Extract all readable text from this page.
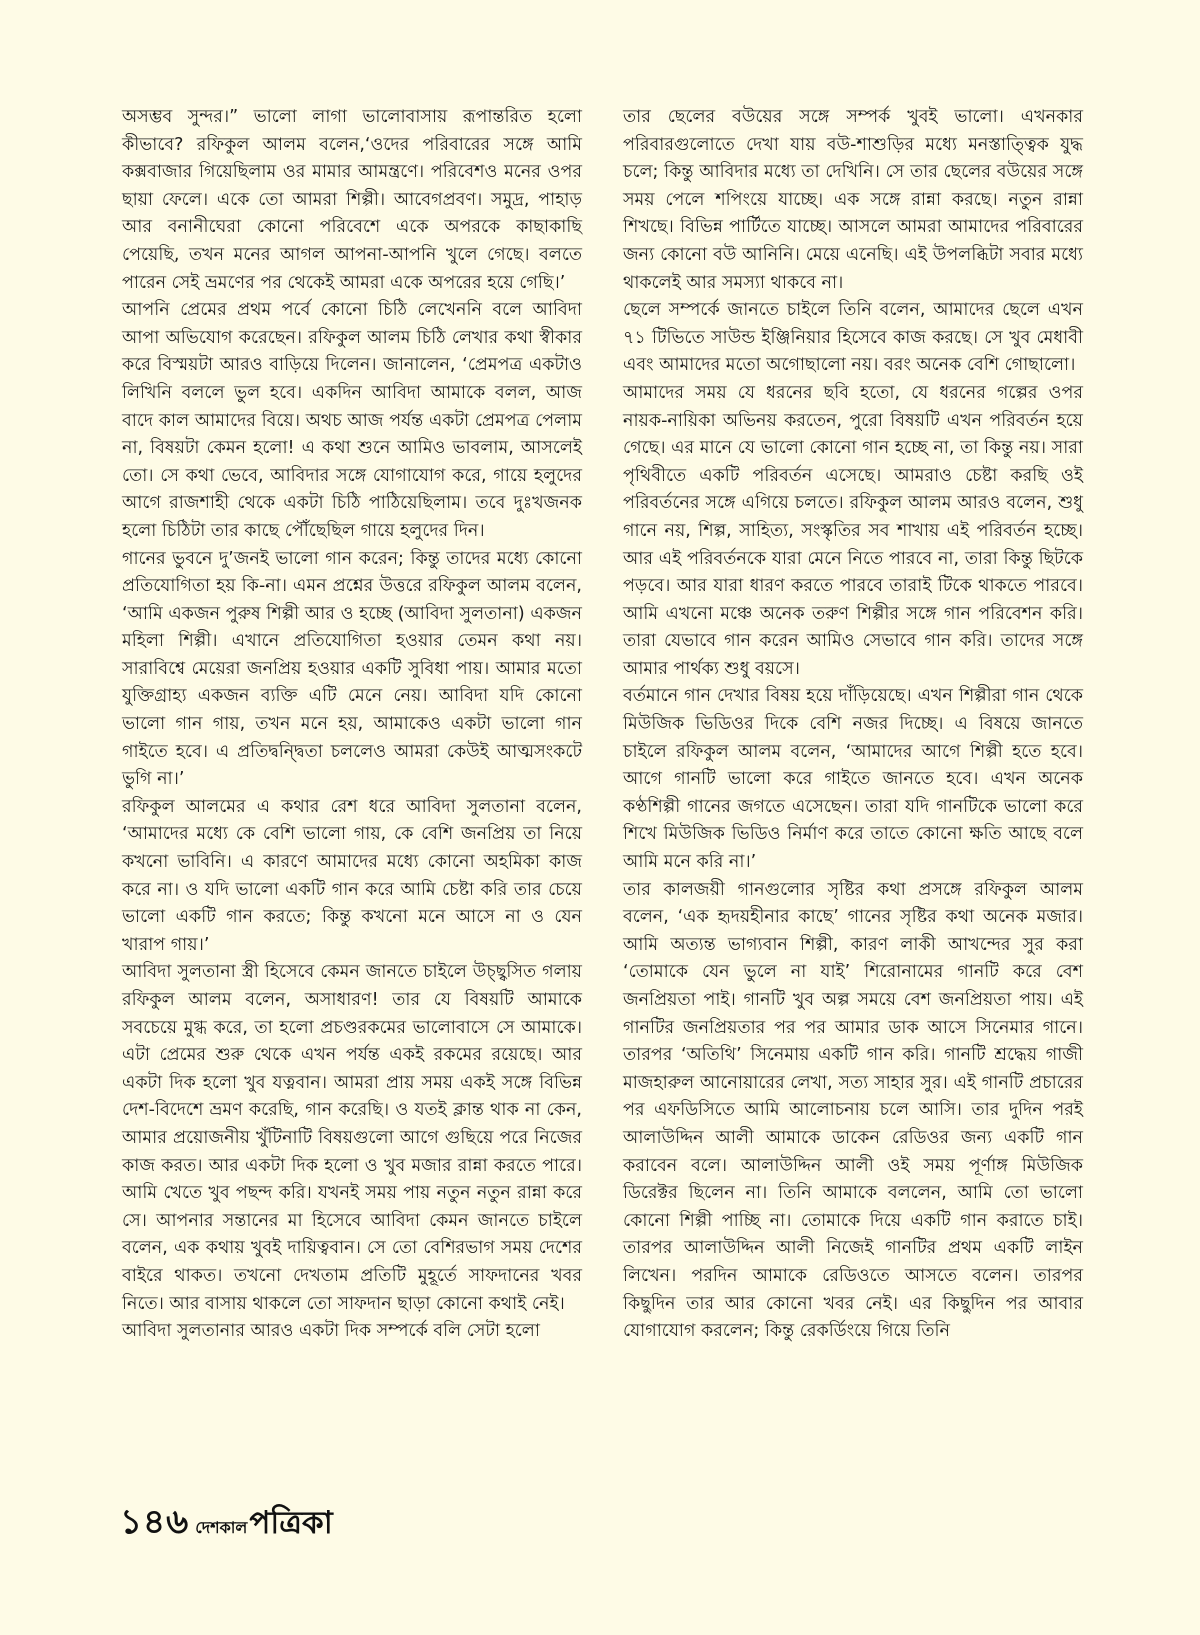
অসম্ভব সুন্দর।” ভালো লাগা ভালোবাসায় রূপান্তরিত হলো কীভাবে? রফিকুল আলম বলেন,‘ওদের পরিবারের সঙ্গে আমি কক্সবাজার গিয়েছিলাম ওর মামার আমন্ত্রণে। পরিবেশও মনের ওপর ছায়া ফেলে। একে তো আমরা শিল্পী। আবেগপ্রবণ। সমুদ্র, পাহাড় আর বনানীঘেরা কোনো পরিবেশে একে অপরকে কাছাকাছি পেয়েছি, তখন মনের আগল আপনা-আপনি খুলে গেছে। বলতে পারেন সেই ভ্রমণের পর থেকেই আমরা একে অপরের হয়ে গেছি।’

আপনি প্রেমের প্রথম পর্বে কোনো চিঠি লেখেননি বলে আবিদা আপা অভিযোগ করেছেন। রফিকুল আলম চিঠি লেখার কথা স্বীকার করে বিস্ময়টা আরও বাড়িয়ে দিলেন। জানালেন, ‘প্রেমপত্র একটাও লিখিনি বললে ভুল হবে। একদিন আবিদা আমাকে বলল, আজ বাদে কাল আমাদের বিয়ে। অথচ আজ পর্যন্ত একটা প্রেমপত্র পেলাম না, বিষয়টা কেমন হলো! এ কথা শুনে আমিও ভাবলাম, আসলেই তো। সে কথা ভেবে, আবিদার সঙ্গে যোগাযোগ করে, গায়ে হলুদের আগে রাজশাহী থেকে একটা চিঠি পাঠিয়েছিলাম। তবে দুঃখজনক হলো চিঠিটা তার কাছে পৌঁছেছিল গায়ে হলুদের দিন।

গানের ভুবনে দু’জনই ভালো গান করেন; কিন্তু তাদের মধ্যে কোনো প্রতিযোগিতা হয় কি-না। এমন প্রশ্নের উত্তরে রফিকুল আলম বলেন, ‘আমি একজন পুরুষ শিল্পী আর ও হচ্ছে (আবিদা সুলতানা) একজন মহিলা শিল্পী। এখানে প্রতিযোগিতা হওয়ার তেমন কথা নয়। সারাবিশ্বে মেয়েরা জনপ্রিয় হওয়ার একটি সুবিধা পায়। আমার মতো যুক্তিগ্রাহ্য একজন ব্যক্তি এটি মেনে নেয়। আবিদা যদি কোনো ভালো গান গায়, তখন মনে হয়, আমাকেও একটা ভালো গান গাইতে হবে। এ প্রতিদ্বন্দ্বিতা চললেও আমরা কেউই আত্মসংকটে ভুগি না।’

রফিকুল আলমের এ কথার রেশ ধরে আবিদা সুলতানা বলেন, ‘আমাদের মধ্যে কে বেশি ভালো গায়, কে বেশি জনপ্রিয় তা নিয়ে কখনো ভাবিনি। এ কারণে আমাদের মধ্যে কোনো অহমিকা কাজ করে না। ও যদি ভালো একটি গান করে আমি চেষ্টা করি তার চেয়ে ভালো একটি গান করতে; কিন্তু কখনো মনে আসে না ও যেন খারাপ গায়।’

আবিদা সুলতানা স্ত্রী হিসেবে কেমন জানতে চাইলে উচ্ছ্বসিত গলায় রফিকুল আলম বলেন, অসাধারণ! তার যে বিষয়টি আমাকে সবচেয়ে মুগ্ধ করে, তা হলো প্রচণ্ডরকমের ভালোবাসে সে আমাকে। এটা প্রেমের শুরু থেকে এখন পর্যন্ত একই রকমের রয়েছে। আর একটা দিক হলো খুব যত্নবান। আমরা প্রায় সময় একই সঙ্গে বিভিন্ন দেশ-বিদেশে ভ্রমণ করেছি, গান করেছি। ও যতই ক্লান্ত থাক না কেন, আমার প্রয়োজনীয় খুঁটিনাটি বিষয়গুলো আগে গুছিয়ে পরে নিজের কাজ করত। আর একটা দিক হলো ও খুব মজার রান্না করতে পারে। আমি খেতে খুব পছন্দ করি। যখনই সময় পায় নতুন নতুন রান্না করে সে। আপনার সন্তানের মা হিসেবে আবিদা কেমন জানতে চাইলে বলেন, এক কথায় খুবই দায়িত্ববান। সে তো বেশিরভাগ সময় দেশের বাইরে থাকত। তখনো দেখতাম প্রতিটি মুহূর্তে সাফদানের খবর নিতে। আর বাসায় থাকলে তো সাফদান ছাড়া কোনো কথাই নেই।

আবিদা সুলতানার আরও একটা দিক সম্পর্কে বলি সেটা হলো

তার ছেলের বউয়ের সঙ্গে সম্পর্ক খুবই ভালো। এখনকার পরিবারগুলোতে দেখা যায় বউ-শাশুড়ির মধ্যে মনস্তাত্ত্বিক যুদ্ধ চলে; কিন্তু আবিদার মধ্যে তা দেখিনি। সে তার ছেলের বউয়ের সঙ্গে সময় পেলে শপিংয়ে যাচ্ছে। এক সঙ্গে রান্না করছে। নতুন রান্না শিখছে। বিভিন্ন পার্টিতে যাচ্ছে। আসলে আমরা আমাদের পরিবারের জন্য কোনো বউ আনিনি। মেয়ে এনেছি। এই উপলব্ধিটা সবার মধ্যে থাকলেই আর সমস্যা থাকবে না।

ছেলে সম্পর্কে জানতে চাইলে তিনি বলেন, আমাদের ছেলে এখন ৭১ টিভিতে সাউন্ড ইঞ্জিনিয়ার হিসেবে কাজ করছে। সে খুব মেধাবী এবং আমাদের মতো অগোছালো নয়। বরং অনেক বেশি গোছালো।

আমাদের সময় যে ধরনের ছবি হতো, যে ধরনের গল্পের ওপর নায়ক-নায়িকা অভিনয় করতেন, পুরো বিষয়টি এখন পরিবর্তন হয়ে গেছে। এর মানে যে ভালো কোনো গান হচ্ছে না, তা কিন্তু নয়। সারা পৃথিবীতে একটি পরিবর্তন এসেছে। আমরাও চেষ্টা করছি ওই পরিবর্তনের সঙ্গে এগিয়ে চলতে। রফিকুল আলম আরও বলেন, শুধু গানে নয়, শিল্প, সাহিত্য, সংস্কৃতির সব শাখায় এই পরিবর্তন হচ্ছে। আর এই পরিবর্তনকে যারা মেনে নিতে পারবে না, তারা কিন্তু ছিটকে পড়বে। আর যারা ধারণ করতে পারবে তারাই টিকে থাকতে পারবে। আমি এখনো মঞ্চে অনেক তরুণ শিল্পীর সঙ্গে গান পরিবেশন করি। তারা যেভাবে গান করেন আমিও সেভাবে গান করি। তাদের সঙ্গে আমার পার্থক্য শুধু বয়সে।

বর্তমানে গান দেখার বিষয় হয়ে দাঁড়িয়েছে। এখন শিল্পীরা গান থেকে মিউজিক ভিডিওর দিকে বেশি নজর দিচ্ছে। এ বিষয়ে জানতে চাইলে রফিকুল আলম বলেন, ‘আমাদের আগে শিল্পী হতে হবে। আগে গানটি ভালো করে গাইতে জানতে হবে। এখন অনেক কণ্ঠশিল্পী গানের জগতে এসেছেন। তারা যদি গানটিকে ভালো করে শিখে মিউজিক ভিডিও নির্মাণ করে তাতে কোনো ক্ষতি আছে বলে আমি মনে করি না।’

তার কালজয়ী গানগুলোর সৃষ্টির কথা প্রসঙ্গে রফিকুল আলম বলেন, ‘এক হৃদয়হীনার কাছে’ গানের সৃষ্টির কথা অনেক মজার। আমি অত্যন্ত ভাগ্যবান শিল্পী, কারণ লাকী আখন্দের সুর করা ‘তোমাকে যেন ভুলে না যাই’ শিরোনামের গানটি করে বেশ জনপ্রিয়তা পাই। গানটি খুব অল্প সময়ে বেশ জনপ্রিয়তা পায়। এই গানটির জনপ্রিয়তার পর পর আমার ডাক আসে সিনেমার গানে। তারপর ‘অতিথি’ সিনেমায় একটি গান করি। গানটি শ্রদ্ধেয় গাজী মাজহারুল আনোয়ারের লেখা, সত্য সাহার সুর। এই গানটি প্রচারের পর এফডিসিতে আমি আলোচনায় চলে আসি। তার দুদিন পরই আলাউদ্দিন আলী আমাকে ডাকেন রেডিওর জন্য একটি গান করাবেন বলে। আলাউদ্দিন আলী ওই সময় পূর্ণাঙ্গ মিউজিক ডিরেক্টর ছিলেন না। তিনি আমাকে বললেন, আমি তো ভালো কোনো শিল্পী পাচ্ছি না। তোমাকে দিয়ে একটি গান করাতে চাই। তারপর আলাউদ্দিন আলী নিজেই গানটির প্রথম একটি লাইন লিখেন। পরদিন আমাকে রেডিওতে আসতে বলেন। তারপর কিছুদিন তার আর কোনো খবর নেই। এর কিছুদিন পর আবার যোগাযোগ করলেন; কিন্তু রেকর্ডিংয়ে গিয়ে তিনি

১৪৬ দেশকাল পত্রিকা
